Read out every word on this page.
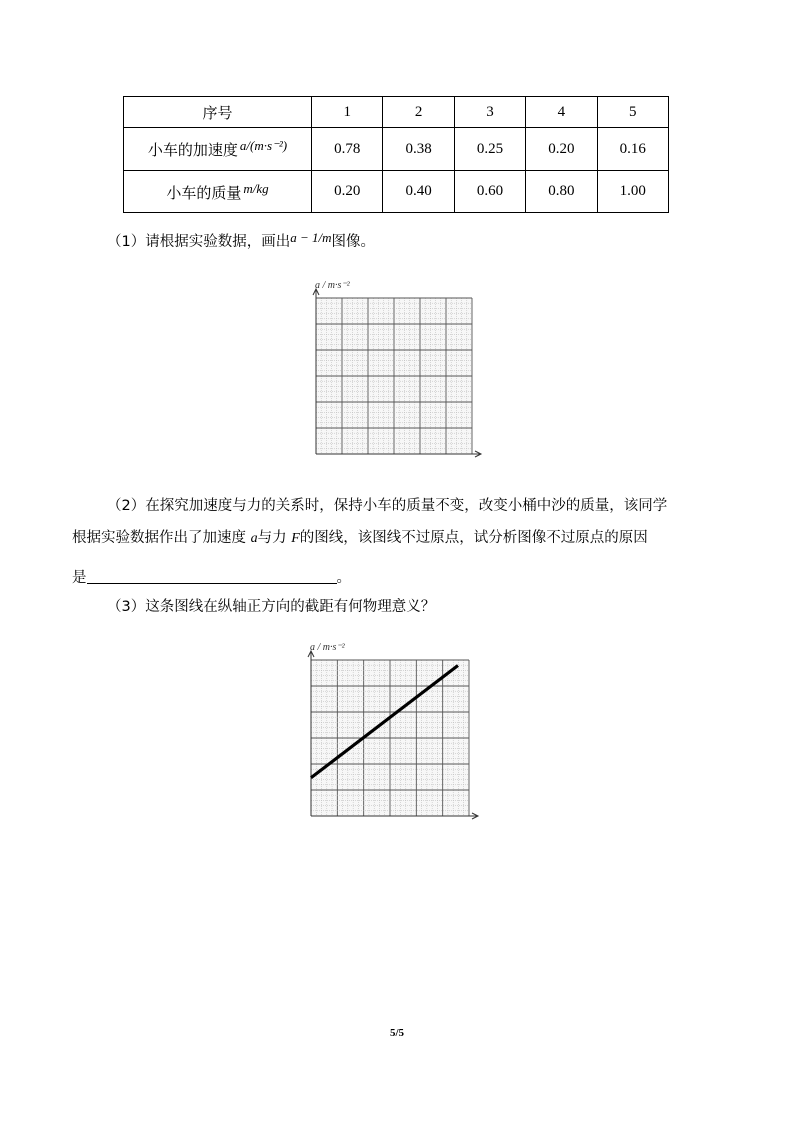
序号	1	2	3	4	5
小车的加速度 a/(m·s⁻²)	0.78	0.38	0.25	0.20	0.16
小车的质量 m/kg	0.20	0.40	0.60	0.80	1.00
（1）请根据实验数据，画出a − 1/m图像。
a / m·s⁻²
（2）在探究加速度与力的关系时，保持小车的质量不变，改变小桶中沙的质量，该同学
根据实验数据作出了加速度 a与力 F的图线，该图线不过原点，试分析图像不过原点的原因
是	。
（3）这条图线在纵轴正方向的截距有何物理意义？
a / m·s⁻²
5/5
